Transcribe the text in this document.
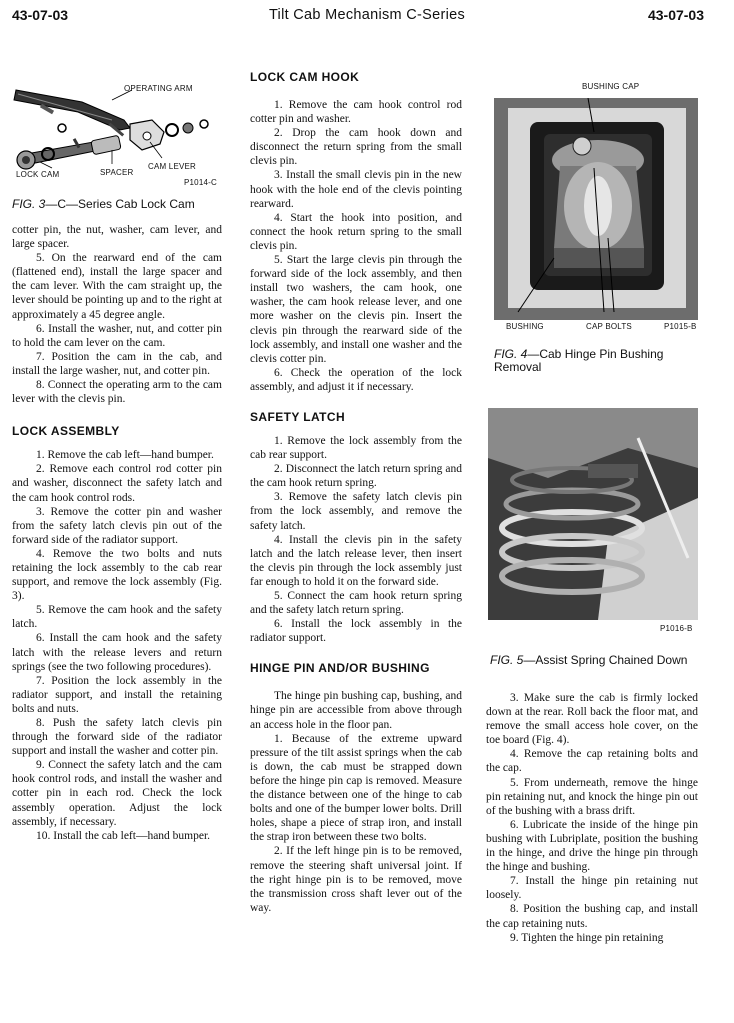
43-07-03	Tilt Cab Mechanism C-Series	43-07-03
OPERATING ARM
LOCK CAM	SPACER
CAM LEVER
P1014-C
FIG. 3—C—Series Cab Lock Cam

cotter pin, the nut, washer, cam lever, and large spacer.

5. On the rearward end of the cam (flattened end), install the large spacer and the cam lever. With the cam straight up, the lever should be pointing up and to the right at approximately a 45 degree angle.

6. Install the washer, nut, and cotter pin to hold the cam lever on the cam.

7. Position the cam in the cab, and install the large washer, nut, and cotter pin.

8. Connect the operating arm to the cam lever with the clevis pin.

LOCK ASSEMBLY

1. Remove the cab left—hand bumper.

2. Remove each control rod cotter pin and washer, disconnect the safety latch and the cam hook control rods.

3. Remove the cotter pin and washer from the safety latch clevis pin out of the forward side of the radiator support.

4. Remove the two bolts and nuts retaining the lock assembly to the cab rear support, and remove the lock assembly (Fig. 3).

5. Remove the cam hook and the safety latch.

6. Install the cam hook and the safety latch with the release levers and return springs (see the two following procedures).

7. Position the lock assembly in the radiator support, and install the retaining bolts and nuts.

8. Push the safety latch clevis pin through the forward side of the radiator support and install the washer and cotter pin.

9. Connect the safety latch and the cam hook control rods, and install the washer and cotter pin in each rod. Check the lock assembly operation. Adjust the lock assembly, if necessary.

10. Install the cab left—hand bumper.

LOCK CAM HOOK

1. Remove the cam hook control rod cotter pin and washer.

2. Drop the cam hook down and disconnect the return spring from the small clevis pin.

3. Install the small clevis pin in the new hook with the hole end of the clevis pointing rearward.

4. Start the hook into position, and connect the hook return spring to the small clevis pin.

5. Start the large clevis pin through the forward side of the lock assembly, and then install two washers, the cam hook, one washer, the cam hook release lever, and one more washer on the clevis pin. Insert the clevis pin through the rearward side of the lock assembly, and install one washer and the clevis cotter pin.

6. Check the operation of the lock assembly, and adjust it if necessary.

SAFETY LATCH

1. Remove the lock assembly from the cab rear support.

2. Disconnect the latch return spring and the cam hook return spring.

3. Remove the safety latch clevis pin from the lock assembly, and remove the safety latch.

4. Install the clevis pin in the safety latch and the latch release lever, then insert the clevis pin through the lock assembly just far enough to hold it on the forward side.

5. Connect the cam hook return spring and the safety latch return spring.

6. Install the lock assembly in the radiator support.

HINGE PIN AND/OR BUSHING

The hinge pin bushing cap, bushing, and hinge pin are accessible from above through an access hole in the floor pan.

1. Because of the extreme upward pressure of the tilt assist springs when the cab is down, the cab must be strapped down before the hinge pin cap is removed. Measure the distance between one of the hinge to cab bolts and one of the bumper lower bolts. Drill holes, shape a piece of strap iron, and install the strap iron between these two bolts.

2. If the left hinge pin is to be removed, remove the steering shaft universal joint. If the right hinge pin is to be removed, move the transmission cross shaft lever out of the way.

BUSHING CAP
BUSHING	CAP BOLTS	P1015-B
FIG. 4—Cab Hinge Pin Bushing Removal
P1016-B
FIG. 5—Assist Spring Chained Down

3. Make sure the cab is firmly locked down at the rear. Roll back the floor mat, and remove the small access hole cover, on the toe board (Fig. 4).

4. Remove the cap retaining bolts and the cap.

5. From underneath, remove the hinge pin retaining nut, and knock the hinge pin out of the bushing with a brass drift.

6. Lubricate the inside of the hinge pin bushing with Lubriplate, position the bushing in the hinge, and drive the hinge pin through the hinge and bushing.

7. Install the hinge pin retaining nut loosely.

8. Position the bushing cap, and install the cap retaining nuts.

9. Tighten the hinge pin retaining
